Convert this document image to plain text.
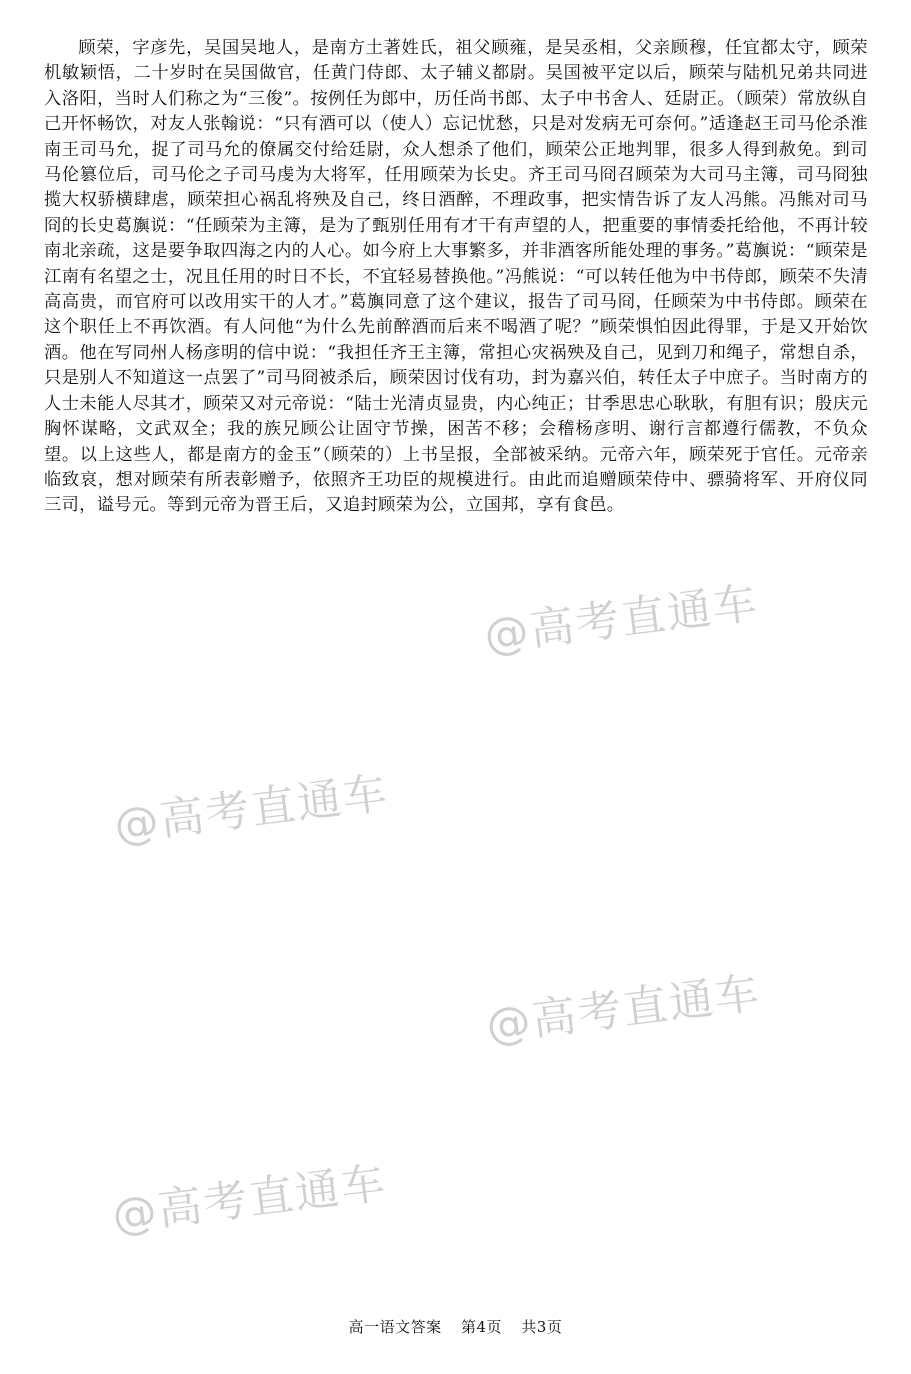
顾荣，字彦先，吴国吴地人，是南方土著姓氏，祖父顾雍，是吴丞相，父亲顾穆，任宜都太守，顾荣机敏颖悟，二十岁时在吴国做官，任黄门侍郎、太子辅义都尉。吴国被平定以后，顾荣与陆机兄弟共同进入洛阳，当时人们称之为“三俊”。按例任为郎中，历任尚书郎、太子中书舍人、廷尉正。（顾荣）常放纵自己开怀畅饮，对友人张翰说：“只有酒可以（使人）忘记忧愁，只是对发病无可奈何。”适逢赵王司马伦杀淮南王司马允，捉了司马允的僚属交付给廷尉，众人想杀了他们，顾荣公正地判罪，很多人得到赦免。到司马伦篡位后，司马伦之子司马虔为大将军，任用顾荣为长史。齐王司马冏召顾荣为大司马主簿，司马冏独揽大权骄横肆虐，顾荣担心祸乱将殃及自己，终日酒醉，不理政事，把实情告诉了友人冯熊。冯熊对司马冏的长史葛旟说：“任顾荣为主簿，是为了甄别任用有才干有声望的人，把重要的事情委托给他，不再计较南北亲疏，这是要争取四海之内的人心。如今府上大事繁多，并非酒客所能处理的事务。”葛旟说：“顾荣是江南有名望之士，况且任用的时日不长，不宜轻易替换他。”冯熊说：“可以转任他为中书侍郎，顾荣不失清高高贵，而官府可以改用实干的人才。”葛旟同意了这个建议，报告了司马冏，任顾荣为中书侍郎。顾荣在这个职任上不再饮酒。有人问他“为什么先前醉酒而后来不喝酒了呢？”顾荣惧怕因此得罪，于是又开始饮酒。他在写同州人杨彦明的信中说：“我担任齐王主簿，常担心灾祸殃及自己，见到刀和绳子，常想自杀，只是别人不知道这一点罢了”司马冏被杀后，顾荣因讨伐有功，封为嘉兴伯，转任太子中庶子。当时南方的人士未能人尽其才，顾荣又对元帝说：“陆士光清贞显贵，内心纯正；甘季思忠心耿耿，有胆有识；殷庆元胸怀谋略，文武双全；我的族兄顾公让固守节操，困苦不移；会稽杨彦明、谢行言都遵行儒教，不负众望。以上这些人，都是南方的金玉”（顾荣的）上书呈报，全部被采纳。元帝六年，顾荣死于官任。元帝亲临致哀，想对顾荣有所表彰赠予，依照齐王功臣的规模进行。由此而追赠顾荣侍中、骠骑将军、开府仪同三司，谥号元。等到元帝为晋王后，又追封顾荣为公，立国邦，享有食邑。

@高考直通车
@高考直通车
@高考直通车
@高考直通车
高一语文答案 第4页 共3页
